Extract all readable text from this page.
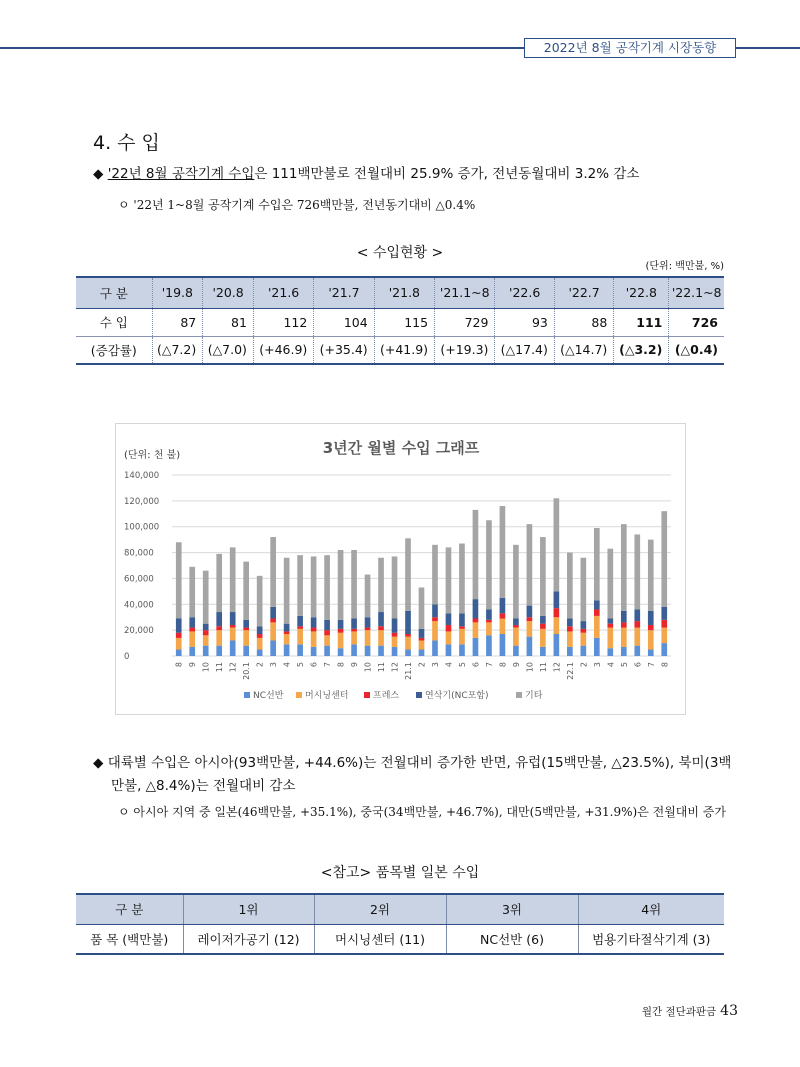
2022년 8월 공작기계 시장동향
4. 수 입
◆ '22년 8월 공작기계 수입은 111백만불로 전월대비 25.9% 증가, 전년동월대비 3.2% 감소
ㅇ '22년 1~8월 공작기계 수입은 726백만불, 전년동기대비 △0.4%
< 수입현황 >
(단위: 백만불, %)
구 분	'19.8	'20.8	'21.6	'21.7	'21.8	'21.1~8	'22.6	'22.7	'22.8	'22.1~8
수 입	87	81	112	104	115	729	93	88	111	726
(증감률)	(△7.2)	(△7.0)	(+46.9)	(+35.4)	(+41.9)	(+19.3)	(△17.4)	(△14.7)	(△3.2)	(△0.4)
3년간 월별 수입 그래프
(단위: 천 불)
0
20,000
40,000
60,000
80,000
100,000
120,000
140,000
8 9 10 11 12 20.1 2 3 4 5 6 7 8 9 10 11 12 21.1 2 3 4 5 6 7 8 9 10 11 12 22.1 2 3 4 5 6 7 8
NC선반 머시닝센터	프레스	연삭기(NC포함)	기타
◆ 대륙별 수입은 아시아(93백만불, +44.6%)는 전월대비 증가한 반면, 유럽(15백만불, △23.5%), 북미(3백
만불, △8.4%)는 전월대비 감소
ㅇ 아시아 지역 중 일본(46백만불, +35.1%), 중국(34백만불, +46.7%), 대만(5백만불, +31.9%)은 전월대비 증가
<참고> 품목별 일본 수입
구 분	1위	2위	3위	4위
품 목 (백만불)	레이저가공기 (12)	머시닝센터 (11)	NC선반 (6)	범용기타절삭기계 (3)
월간 절단과판금 43
